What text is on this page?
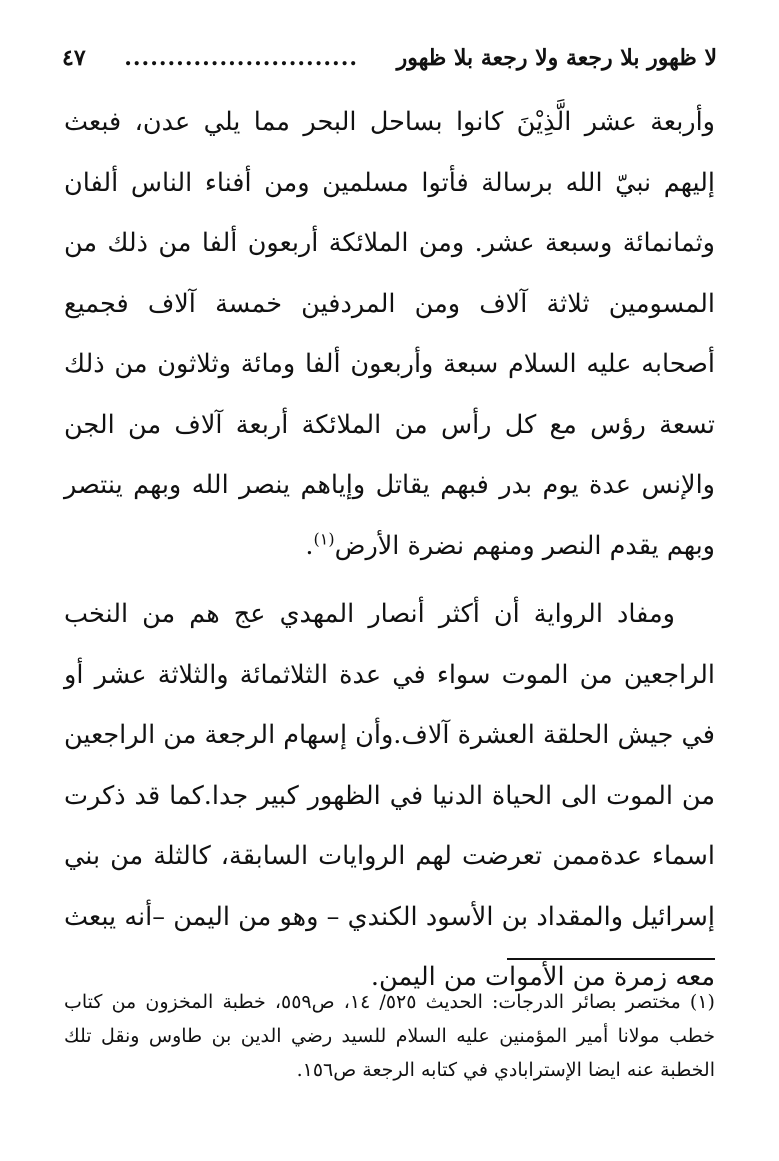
لا ظهور بلا رجعة ولا رجعة بلا ظهور
...........................
٤٧

وأربعة عشر الَّذِيْنَ كانوا بساحل البحر مما يلي عدن، فبعث إليهم نبيّ الله برسالة فأتوا مسلمين ومن أفناء الناس ألفان وثمانمائة وسبعة عشر. ومن الملائكة أربعون ألفا من ذلك من المسومين ثلاثة آلاف ومن المردفين خمسة آلاف فجميع أصحابه عليه السلام سبعة وأربعون ألفا ومائة وثلاثون من ذلك تسعة رؤس مع كل رأس من الملائكة أربعة آلاف من الجن والإنس عدة يوم بدر فبهم يقاتل وإياهم ينصر الله وبهم ينتصر وبهم يقدم النصر ومنهم نضرة الأرض$^{(١)}$.

ومفاد الرواية أن أكثر أنصار المهدي عج هم من النخب الراجعين من الموت سواء في عدة الثلاثمائة والثلاثة عشر أو في جيش الحلقة العشرة آلاف.وأن إسهام الرجعة من الراجعين من الموت الى الحياة الدنيا في الظهور كبير جدا.كما قد ذكرت اسماء عدةممن تعرضت لهم الروايات السابقة، كالثلة من بني إسرائيل والمقداد بن الأسود الكندي – وهو من اليمن –أنه يبعث معه زمرة من الأموات من اليمن.

(١) مختصر بصائر الدرجات: الحديث ٥٢٥/ ١٤، ص٥٥٩، خطبة المخزون من كتاب خطب مولانا أمير المؤمنين عليه السلام للسيد رضي الدين بن طاوس ونقل تلك الخطبة عنه ايضا الإسترابادي في كتابه الرجعة ص١٥٦.
